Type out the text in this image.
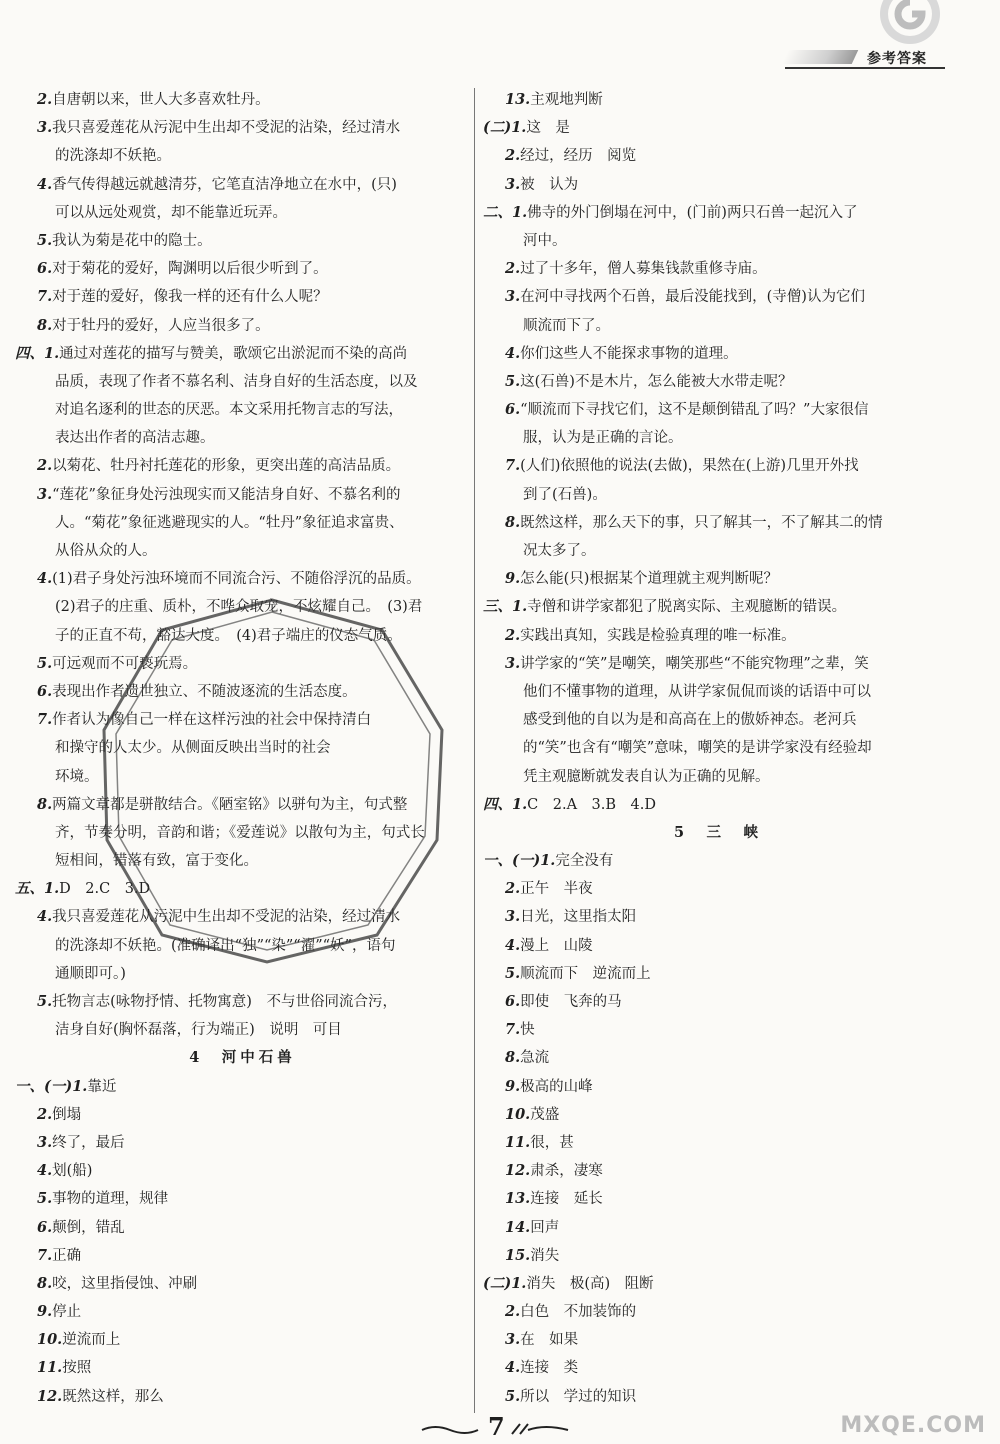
参考答案
2.自唐朝以来，世人大多喜欢牡丹。
3.我只喜爱莲花从污泥中生出却不受泥的沾染，经过清水
的洗涤却不妖艳。
4.香气传得越远就越清芬，它笔直洁净地立在水中，(只)
可以从远处观赏，却不能靠近玩弄。
5.我认为菊是花中的隐士。
6.对于菊花的爱好，陶渊明以后很少听到了。
7.对于莲的爱好，像我一样的还有什么人呢？
8.对于牡丹的爱好，人应当很多了。
四、1.通过对莲花的描写与赞美，歌颂它出淤泥而不染的高尚
品质，表现了作者不慕名利、洁身自好的生活态度，以及
对追名逐利的世态的厌恶。本文采用托物言志的写法，
表达出作者的高洁志趣。
2.以菊花、牡丹衬托莲花的形象，更突出莲的高洁品质。
3.“莲花”象征身处污浊现实而又能洁身自好、不慕名利的
人。“菊花”象征逃避现实的人。“牡丹”象征追求富贵、
从俗从众的人。
4.(1)君子身处污浊环境而不同流合污、不随俗浮沉的品质。
(2)君子的庄重、质朴，不哗众取宠，不炫耀自己。　(3)君
子的正直不苟，豁达大度。　(4)君子端庄的仪态气质。
5.可远观而不可亵玩焉。
6.表现出作者遗世独立、不随波逐流的生活态度。
7.作者认为像自己一样在这样污浊的社会中保持清白
和操守的人太少。从侧面反映出当时的社会
环境。
8.两篇文章都是骈散结合。《陋室铭》以骈句为主，句式整
齐，节奏分明，音韵和谐；《爱莲说》以散句为主，句式长
短相间，错落有致，富于变化。
五、1.D　2.C　3.D
4.我只喜爱莲花从污泥中生出却不受泥的沾染，经过清水
的洗涤却不妖艳。(准确译出“独”“染”“濯”“妖”，语句
通顺即可。)
5.托物言志(咏物抒情、托物寓意)　不与世俗同流合污，
洁身自好(胸怀磊落，行为端正)　说明　可目
4　河中石兽
一、(一)1.靠近
2.倒塌
3.终了，最后
4.划(船)
5.事物的道理，规律
6.颠倒，错乱
7.正确
8.咬，这里指侵蚀、冲刷
9.停止
10.逆流而上
11.按照
12.既然这样，那么
13.主观地判断
(二)1.这　是
2.经过，经历　阅览
3.被　认为
二、1.佛寺的外门倒塌在河中，(门前)两只石兽一起沉入了
河中。
2.过了十多年，僧人募集钱款重修寺庙。
3.在河中寻找两个石兽，最后没能找到，(寺僧)认为它们
顺流而下了。
4.你们这些人不能探求事物的道理。
5.这(石兽)不是木片，怎么能被大水带走呢？
6.“顺流而下寻找它们，这不是颠倒错乱了吗？”大家很信
服，认为是正确的言论。
7.(人们)依照他的说法(去做)，果然在(上游)几里开外找
到了(石兽)。
8.既然这样，那么天下的事，只了解其一，不了解其二的情
况太多了。
9.怎么能(只)根据某个道理就主观判断呢？
三、1.寺僧和讲学家都犯了脱离实际、主观臆断的错误。
2.实践出真知，实践是检验真理的唯一标准。
3.讲学家的“笑”是嘲笑，嘲笑那些“不能究物理”之辈，笑
他们不懂事物的道理，从讲学家侃侃而谈的话语中可以
感受到他的自以为是和高高在上的傲娇神态。老河兵
的“笑”也含有“嘲笑”意味，嘲笑的是讲学家没有经验却
凭主观臆断就发表自认为正确的见解。
四、1.C　2.A　3.B　4.D
5　三　峡
一、(一)1.完全没有
2.正午　半夜
3.日光，这里指太阳
4.漫上　山陵
5.顺流而下　逆流而上
6.即使　飞奔的马
7.快
8.急流
9.极高的山峰
10.茂盛
11.很，甚
12.肃杀，凄寒
13.连接　延长
14.回声
15.消失
(二)1.消失　极(高)　阻断
2.白色　不加装饰的
3.在　如果
4.连接　类
5.所以　学过的知识
7	MXQE.COM
